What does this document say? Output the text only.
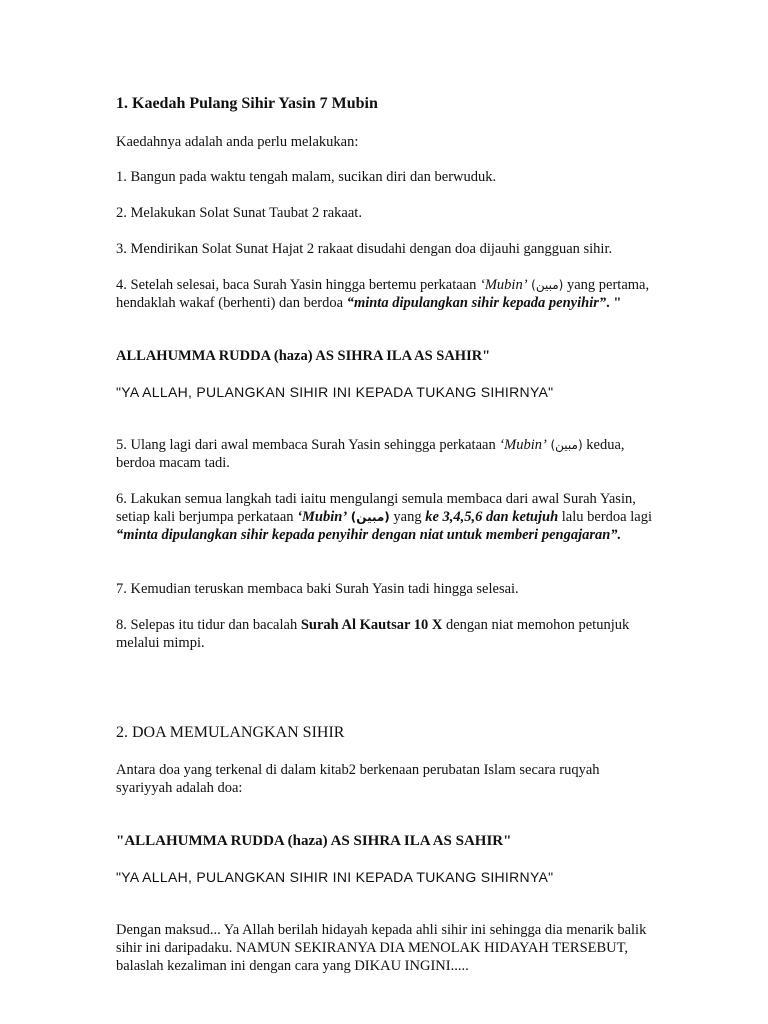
1. Kaedah Pulang Sihir Yasin 7 Mubin

Kaedahnya adalah anda perlu melakukan:

1. Bangun pada waktu tengah malam, sucikan diri dan berwuduk.

2. Melakukan Solat Sunat Taubat 2 rakaat.

3. Mendirikan Solat Sunat Hajat 2 rakaat disudahi dengan doa dijauhi gangguan sihir.

4. Setelah selesai, baca Surah Yasin hingga bertemu perkataan ‘Mubin’ (مبين) yang pertama, hendaklah wakaf (berhenti) dan berdoa “minta dipulangkan sihir kepada penyihir”. "

ALLAHUMMA RUDDA (haza) AS SIHRA ILA AS SAHIR"

"YA ALLAH, PULANGKAN SIHIR INI KEPADA TUKANG SIHIRNYA"

5. Ulang lagi dari awal membaca Surah Yasin sehingga perkataan ‘Mubin’ (مبين) kedua, berdoa macam tadi.

6. Lakukan semua langkah tadi iaitu mengulangi semula membaca dari awal Surah Yasin, setiap kali berjumpa perkataan ‘Mubin’ (مبين) yang ke 3,4,5,6 dan ketujuh lalu berdoa lagi “minta dipulangkan sihir kepada penyihir dengan niat untuk memberi pengajaran”.

7. Kemudian teruskan membaca baki Surah Yasin tadi hingga selesai.

8. Selepas itu tidur dan bacalah Surah Al Kautsar 10 X dengan niat memohon petunjuk melalui mimpi.

2. DOA MEMULANGKAN SIHIR

Antara doa yang terkenal di dalam kitab2 berkenaan perubatan Islam secara ruqyah syariyyah adalah doa:

"ALLAHUMMA RUDDA (haza) AS SIHRA ILA AS SAHIR"

"YA ALLAH, PULANGKAN SIHIR INI KEPADA TUKANG SIHIRNYA"

Dengan maksud... Ya Allah berilah hidayah kepada ahli sihir ini sehingga dia menarik balik sihir ini daripadaku. NAMUN SEKIRANYA DIA MENOLAK HIDAYAH TERSEBUT, balaslah kezaliman ini dengan cara yang DIKAU INGINI.....
